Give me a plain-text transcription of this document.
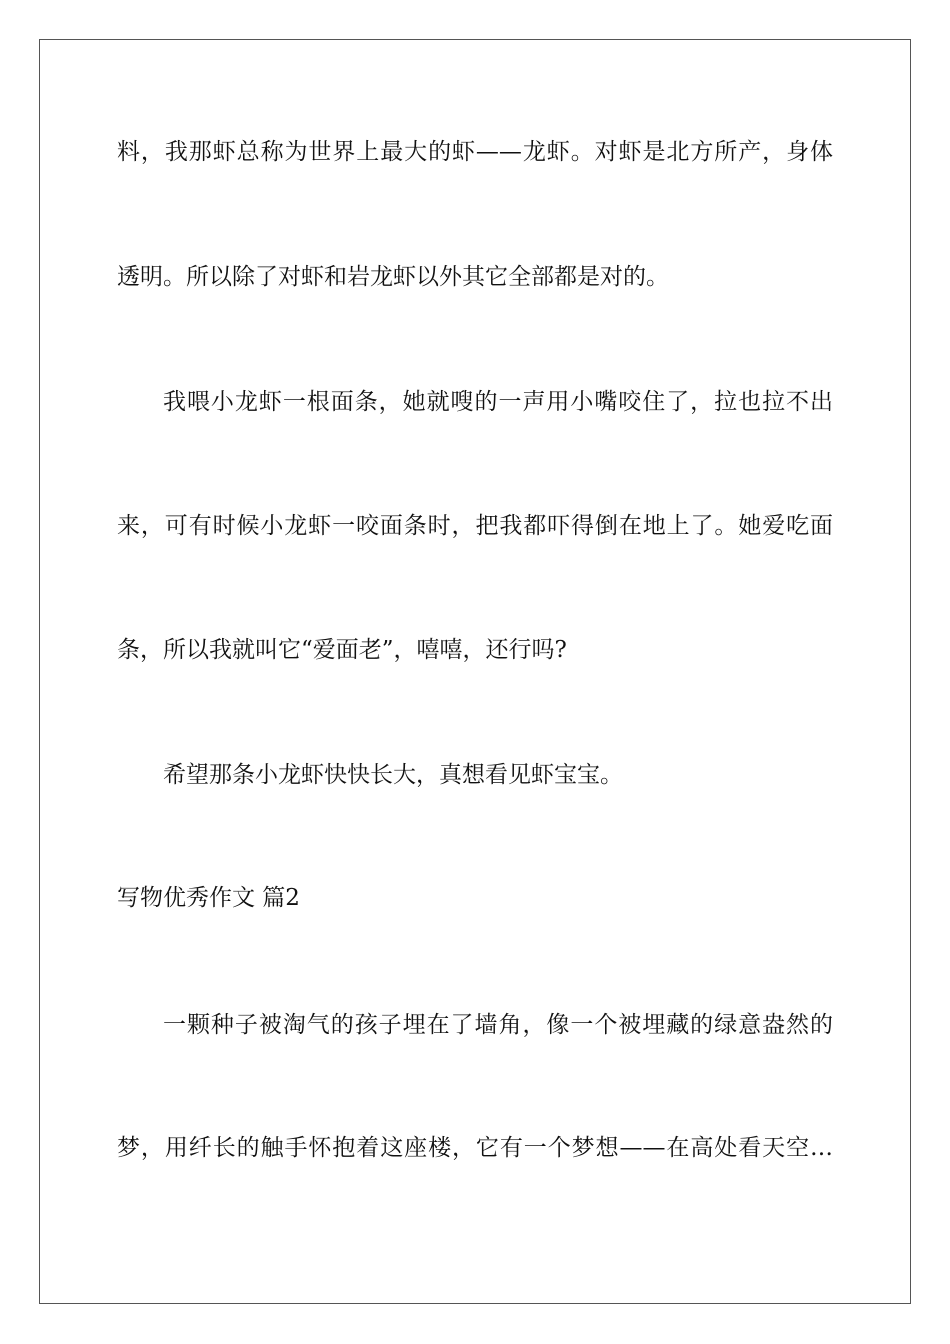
料，我那虾总称为世界上最大的虾——龙虾。对虾是北方所产，身体
透明。所以除了对虾和岩龙虾以外其它全部都是对的。
我喂小龙虾一根面条，她就嗖的一声用小嘴咬住了，拉也拉不出
来，可有时候小龙虾一咬面条时，把我都吓得倒在地上了。她爱吃面
条，所以我就叫它“爱面老”，嘻嘻，还行吗?
希望那条小龙虾快快长大，真想看见虾宝宝。
写物优秀作文 篇2
一颗种子被淘气的孩子埋在了墙角，像一个被埋藏的绿意盎然的
梦，用纤长的触手怀抱着这座楼，它有一个梦想——在高处看天空…
